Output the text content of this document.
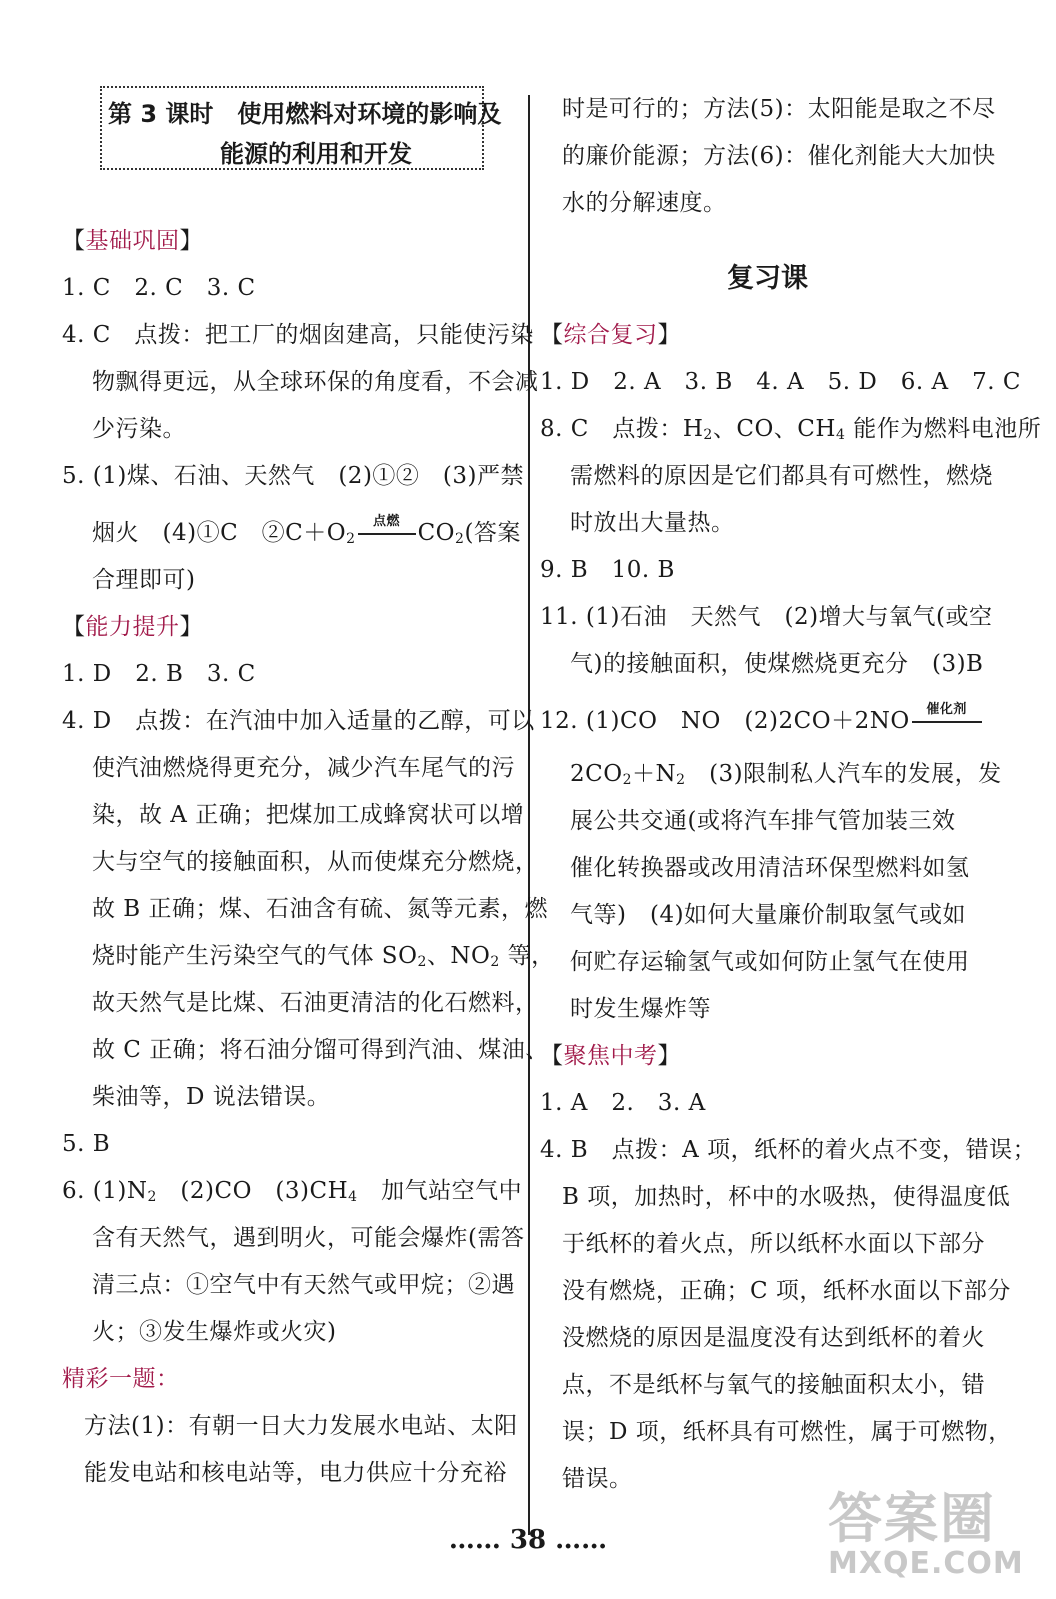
第 3 课时　使用燃料对环境的影响及
能源的利用和开发
【基础巩固】
1. C　2. C　3. C
4. C　点拨：把工厂的烟囱建高，只能使污染
物飘得更远，从全球环保的角度看，不会减
少污染。
5. (1)煤、石油、天然气　(2)①②　(3)严禁
烟火　(4)①C　$②C+O_2$
点燃 $CO_2$(答案
合理即可)
【能力提升】
1. D　2. B　3. C
4. D　点拨：在汽油中加入适量的乙醇，可以
使汽油燃烧得更充分，减少汽车尾气的污
染，故 A 正确；把煤加工成蜂窝状可以增
大与空气的接触面积，从而使煤充分燃烧，
故 B 正确；煤、石油含有硫、氮等元素，燃
烧时能产生污染空气的气体 $SO_2$、$NO_2$ 等，
故天然气是比煤、石油更清洁的化石燃料，
故 C 正确；将石油分馏可得到汽油、煤油、
柴油等，D 说法错误。
5. B
6. $(1)N_2$　(2)CO　$(3)CH_4$　加气站空气中
含有天然气，遇到明火，可能会爆炸(需答
清三点：①空气中有天然气或甲烷；②遇
火；③发生爆炸或火灾)
精彩一题：
方法(1)：有朝一日大力发展水电站、太阳
能发电站和核电站等，电力供应十分充裕
时是可行的；方法(5)：太阳能是取之不尽
的廉价能源；方法(6)：催化剂能大大加快
水的分解速度。
【综合复习】
1. D　2. A　3. B　4. A　5. D　6. A　7. C
8. C　点拨：$H_2$、CO、$CH_4$ 能作为燃料电池所
需燃料的原因是它们都具有可燃性，燃烧
时放出大量热。
9. B　10. B
11. (1)石油　天然气　(2)增大与氧气(或空
气)的接触面积，使煤燃烧更充分　(3)B
12. (1)CO　NO　(2)2CO＋2NO	催化剂
$2CO_2+N_2$　(3)限制私人汽车的发展，发
展公共交通(或将汽车排气管加装三效
催化转换器或改用清洁环保型燃料如氢
气等)　(4)如何大量廉价制取氢气或如
何贮存运输氢气或如何防止氢气在使用
时发生爆炸等
【聚焦中考】
1. A　2.　3. A
4. B　点拨：A 项，纸杯的着火点不变，错误；
B 项，加热时，杯中的水吸热，使得温度低
于纸杯的着火点，所以纸杯水面以下部分
没有燃烧，正确；C 项，纸杯水面以下部分
没燃烧的原因是温度没有达到纸杯的着火
点，不是纸杯与氧气的接触面积太小，错
误；D 项，纸杯具有可燃性，属于可燃物，
错误。
复习课
…… 38 ……	答案圈
MXQE.COM
